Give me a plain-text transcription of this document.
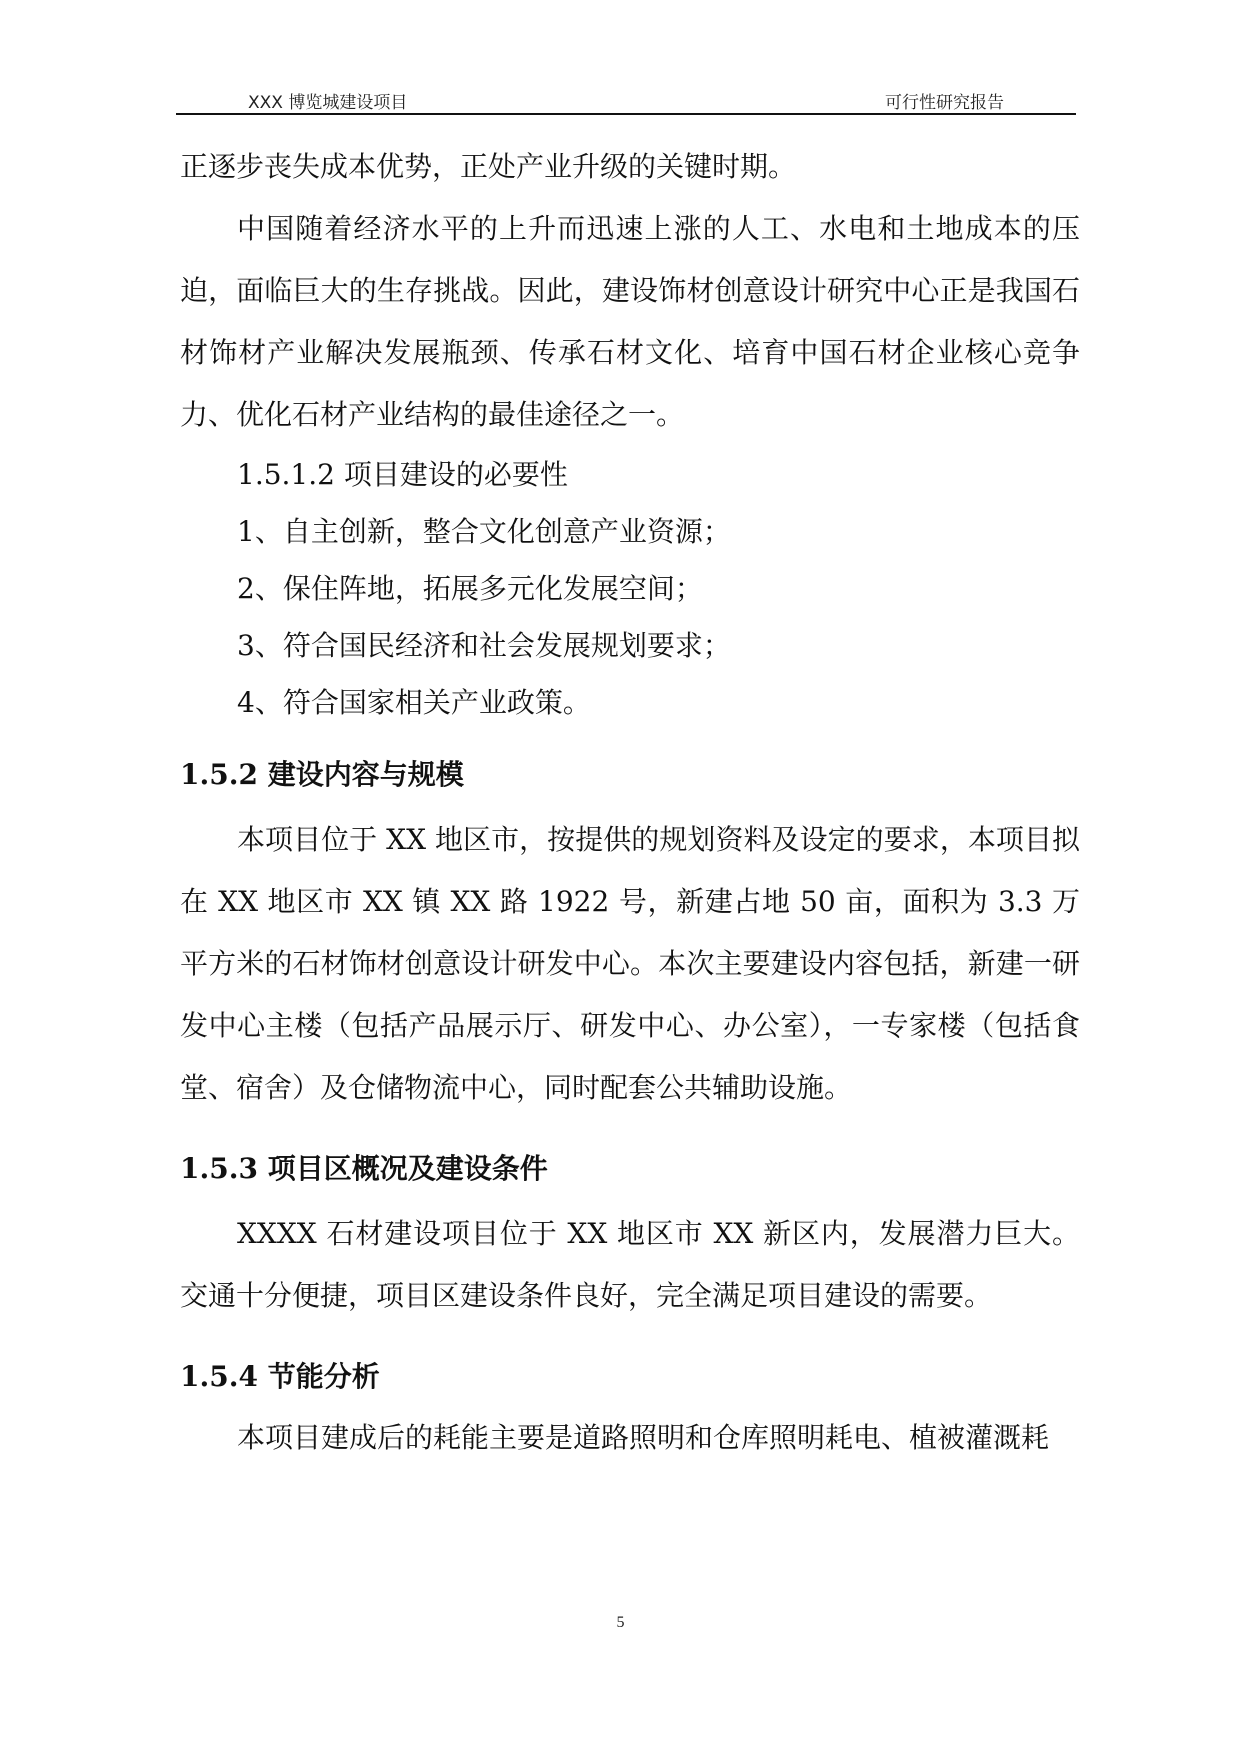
XXX 博览城建设项目	可行性研究报告

正逐步丧失成本优势，正处产业升级的关键时期。

中国随着经济水平的上升而迅速上涨的人工、水电和土地成本的压迫，面临巨大的生存挑战。因此，建设饰材创意设计研究中心正是我国石材饰材产业解决发展瓶颈、传承石材文化、培育中国石材企业核心竞争力、优化石材产业结构的最佳途径之一。

1.5.1.2 项目建设的必要性

1、自主创新，整合文化创意产业资源；

2、保住阵地，拓展多元化发展空间；

3、符合国民经济和社会发展规划要求；

4、符合国家相关产业政策。

1.5.2 建设内容与规模

本项目位于 XX 地区市，按提供的规划资料及设定的要求，本项目拟在 XX 地区市 XX 镇 XX 路 1922 号，新建占地 50 亩，面积为 3.3 万平方米的石材饰材创意设计研发中心。本次主要建设内容包括，新建一研发中心主楼（包括产品展示厅、研发中心、办公室），一专家楼（包括食堂、宿舍）及仓储物流中心，同时配套公共辅助设施。

1.5.3 项目区概况及建设条件

XXXX 石材建设项目位于 XX 地区市 XX 新区内，发展潜力巨大。交通十分便捷，项目区建设条件良好，完全满足项目建设的需要。

1.5.4 节能分析

本项目建成后的耗能主要是道路照明和仓库照明耗电、植被灌溉耗

5
